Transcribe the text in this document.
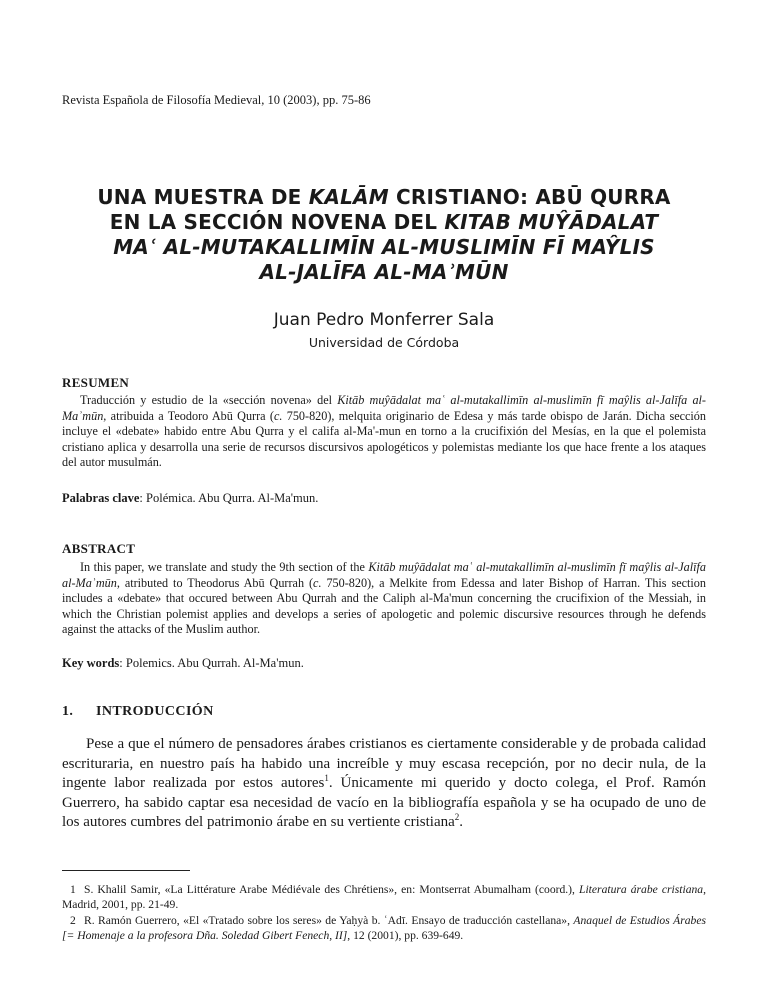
Revista Española de Filosofía Medieval, 10 (2003), pp. 75-86
UNA MUESTRA DE KALĀM CRISTIANO: ABŪ QURRA
EN LA SECCIÓN NOVENA DEL KITAB MUŶĀDALAT
MAʿ AL-MUTAKALLIMĪN AL-MUSLIMĪN FĪ MAŶLIS
AL-JALĪFA AL-MAʾMŪN
Juan Pedro Monferrer Sala
Universidad de Córdoba
RESUMEN

Traducción y estudio de la «sección novena» del Kitāb muŷādalat maʿ al-mutakallimīn al-muslimīn fī maŷlis al-Jalīfa al-Maʾmūn, atribuida a Teodoro Abū Qurra (c. 750-820), melquita originario de Edesa y más tarde obispo de Jarán. Dicha sección incluye el «debate» habido entre Abu Qurra y el califa al-Ma'-mun en torno a la crucifixión del Mesías, en la que el polemista cristiano aplica y desarrolla una serie de recursos discursivos apologéticos y polemistas mediante los que hace frente a los ataques del autor musulmán.

Palabras clave: Polémica. Abu Qurra. Al-Ma'mun.
ABSTRACT

In this paper, we translate and study the 9th section of the Kitāb muŷādalat maʿ al-mutakallimīn al-muslimīn fī maŷlis al-Jalīfa al-Maʾmūn, atributed to Theodorus Abū Qurrah (c. 750-820), a Melkite from Edessa and later Bishop of Harran. This section includes a «debate» that occured between Abu Qurrah and the Caliph al-Ma'mun concerning the crucifixion of the Messiah, in which the Christian polemist applies and develops a series of apologetic and polemic discursive resources through he defends against the attacks of the Muslim author.

Key words: Polemics. Abu Qurrah. Al-Ma'mun.
1. INTRODUCCIÓN

Pese a que el número de pensadores árabes cristianos es ciertamente considerable y de probada calidad escrituraria, en nuestro país ha habido una increíble y muy escasa recepción, por no decir nula, de la ingente labor realizada por estos autores$^1$. Únicamente mi querido y docto colega, el Prof. Ramón Guerrero, ha sabido captar esa necesidad de vacío en la bibliografía española y se ha ocupado de uno de los autores cumbres del patrimonio árabe en su vertiente cristiana$^2$.

1 S. Khalil Samir, «La Littérature Arabe Médiévale des Chrétiens», en: Montserrat Abumalham (coord.), Literatura árabe cristiana, Madrid, 2001, pp. 21-49.

2 R. Ramón Guerrero, «El «Tratado sobre los seres» de Yaḥyà b. ʿAdī. Ensayo de traducción castellana», Anaquel de Estudios Árabes [= Homenaje a la profesora Dña. Soledad Gibert Fenech, II], 12 (2001), pp. 639-649.
